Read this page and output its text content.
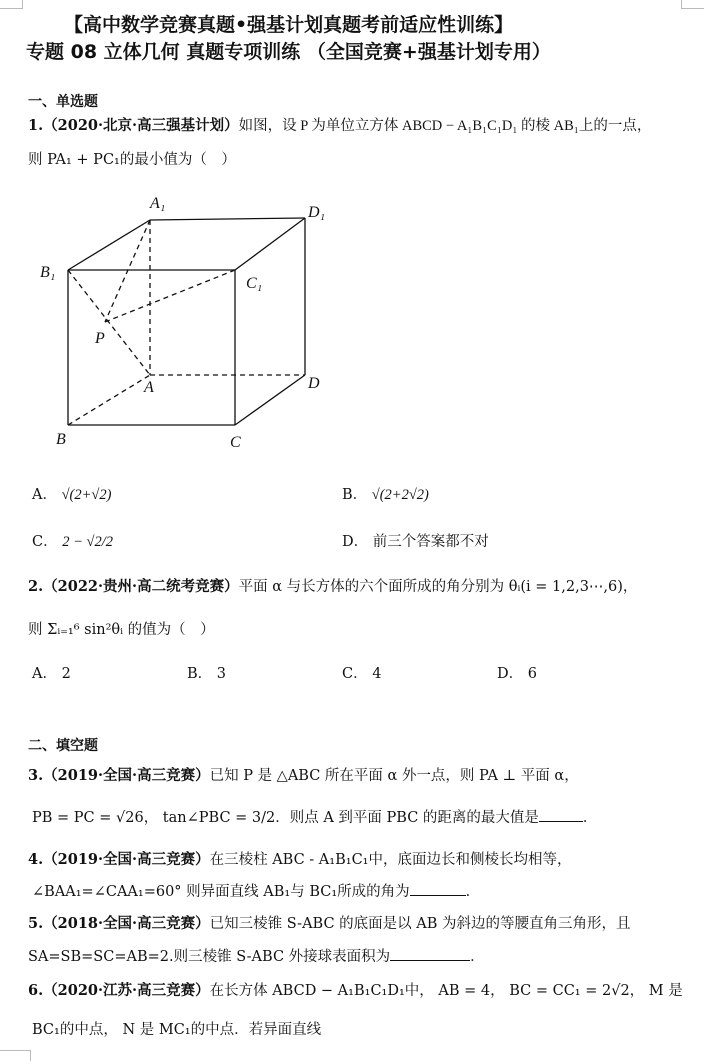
【高中数学竞赛真题•强基计划真题考前适应性训练】
专题 08 立体几何 真题专项训练 （全国竞赛+强基计划专用）
一、单选题
1.（2020·北京·高三强基计划）如图，设 P 为单位立方体 ABCD − A₁B₁C₁D₁ 的棱 AB₁上的一点，
则 PA₁ + PC₁的最小值为（　）
A₁
D₁
B₁
C₁
P
A	D
B	C
A． √(2+√2)	B． √(2+2√2)
C． 2 − √2/2	D． 前三个答案都不对
2.（2022·贵州·高二统考竞赛）平面 α 与长方体的六个面所成的角分别为 θᵢ(i = 1,2,3⋯,6)，
则 Σᵢ₌₁⁶ sin²θᵢ 的值为（　）
A． 2	B． 3	C． 4	D． 6
二、填空题
3.（2019·全国·高三竞赛）已知 P 是 △ABC 所在平面 α 外一点，则 PA ⊥ 平面 α，
PB = PC = √26， tan∠PBC = 3/2．则点 A 到平面 PBC 的距离的最大值是	．
4.（2019·全国·高三竞赛）在三棱柱 ABC - A₁B₁C₁中，底面边长和侧棱长均相等，
∠BAA₁=∠CAA₁=60° 则异面直线 AB₁与 BC₁所成的角为	．
5.（2018·全国·高三竞赛）已知三棱锥 S-ABC 的底面是以 AB 为斜边的等腰直角三角形，且
SA=SB=SC=AB=2.则三棱锥 S-ABC 外接球表面积为	．
6.（2020·江苏·高三竞赛）在长方体 ABCD − A₁B₁C₁D₁中， AB = 4， BC = CC₁ = 2√2， M 是
BC₁的中点， N 是 MC₁的中点．若异面直线
